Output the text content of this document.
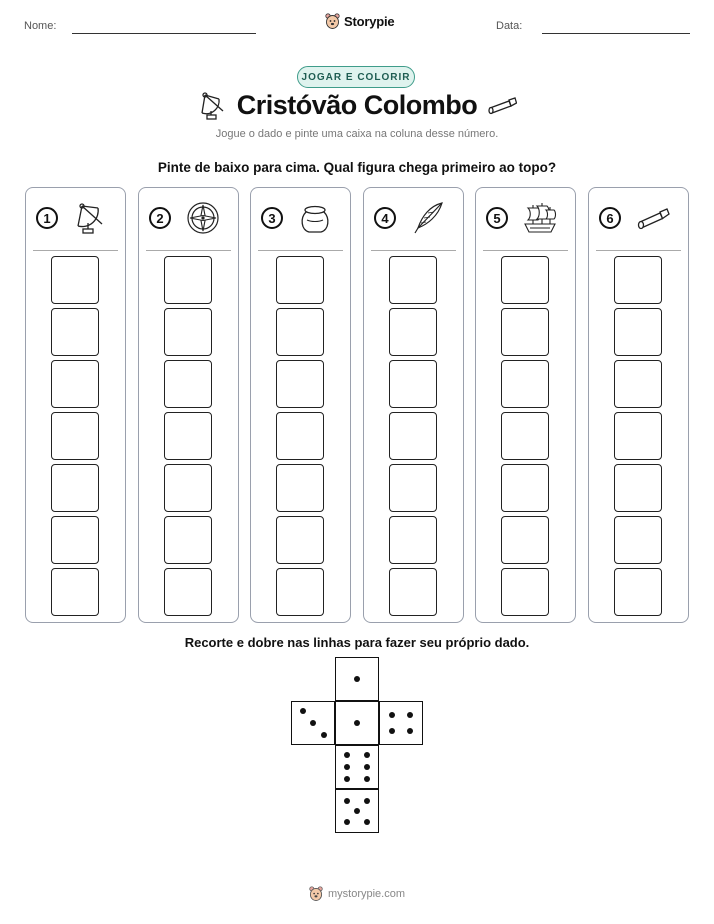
Nome:	Storypie	Data:
JOGAR E COLORIR
Cristóvão Colombo
Jogue o dado e pinte uma caixa na coluna desse número.
Pinte de baixo para cima. Qual figura chega primeiro ao topo?
1	2	3	4	5	6
Recorte e dobre nas linhas para fazer seu próprio dado.
mystorypie.com
